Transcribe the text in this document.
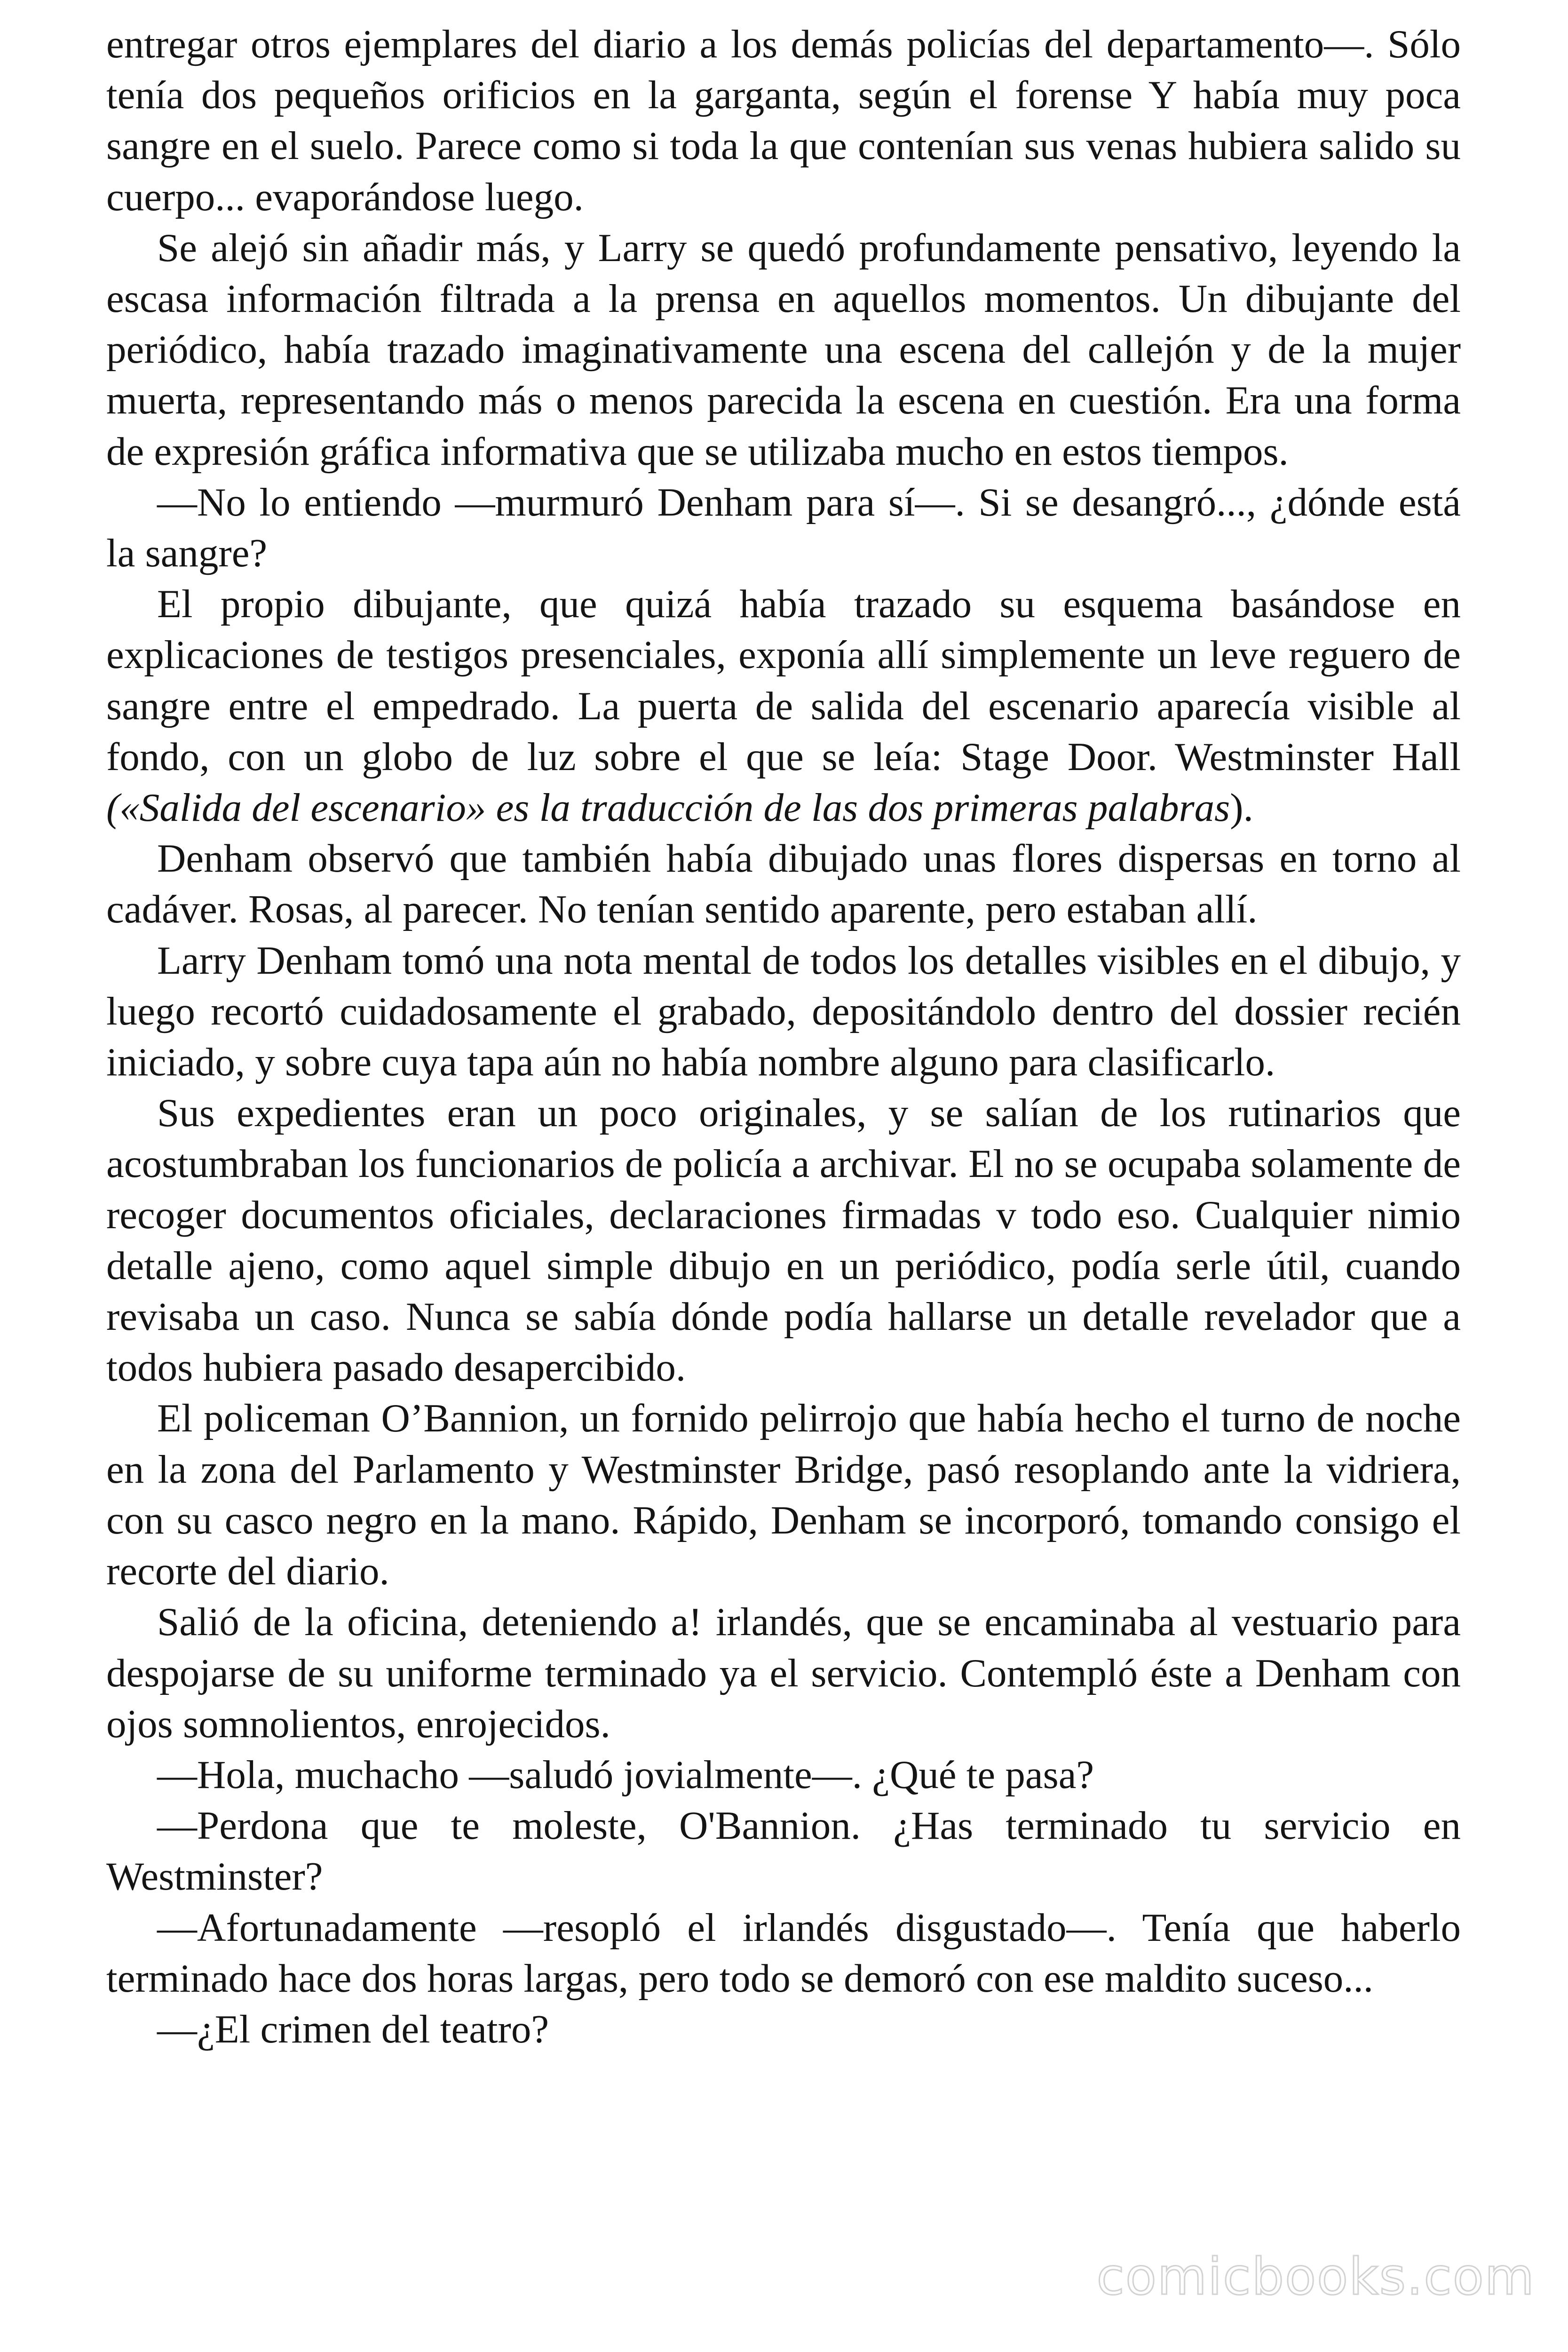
entregar otros ejemplares del diario a los demás policías del departamento—. Sólo tenía dos pequeños orificios en la garganta, según el forense Y había muy poca sangre en el suelo. Parece como si toda la que contenían sus venas hubiera salido su cuerpo... evaporándose luego.

Se alejó sin añadir más, y Larry se quedó profundamente pensativo, leyendo la escasa información filtrada a la prensa en aquellos momentos. Un dibujante del periódico, había trazado imaginativamente una escena del callejón y de la mujer muerta, representando más o menos parecida la escena en cuestión. Era una forma de expresión gráfica informativa que se utilizaba mucho en estos tiempos.

—No lo entiendo —murmuró Denham para sí—. Si se desangró..., ¿dónde está la sangre?

El propio dibujante, que quizá había trazado su esquema basándose en explicaciones de testigos presenciales, exponía allí simplemente un leve reguero de sangre entre el empedrado. La puerta de salida del escenario aparecía visible al fondo, con un globo de luz sobre el que se leía: Stage Door. Westminster Hall («Salida del escenario» es la traducción de las dos primeras palabras).

Denham observó que también había dibujado unas flores dispersas en torno al cadáver. Rosas, al parecer. No tenían sentido aparente, pero estaban allí.

Larry Denham tomó una nota mental de todos los detalles visibles en el dibujo, y luego recortó cuidadosamente el grabado, depositándolo dentro del dossier recién iniciado, y sobre cuya tapa aún no había nombre alguno para clasificarlo.

Sus expedientes eran un poco originales, y se salían de los rutinarios que acostumbraban los funcionarios de policía a archivar. El no se ocupaba solamente de recoger documentos oficiales, declaraciones firmadas v todo eso. Cualquier nimio detalle ajeno, como aquel simple dibujo en un periódico, podía serle útil, cuando revisaba un caso. Nunca se sabía dónde podía hallarse un detalle revelador que a todos hubiera pasado desapercibido.

El policeman O’Bannion, un fornido pelirrojo que había hecho el turno de noche en la zona del Parlamento y Westminster Bridge, pasó resoplando ante la vidriera, con su casco negro en la mano. Rápido, Denham se incorporó, tomando consigo el recorte del diario.

Salió de la oficina, deteniendo a! irlandés, que se encaminaba al vestuario para despojarse de su uniforme terminado ya el servicio. Contempló éste a Denham con ojos somnolientos, enrojecidos.

—Hola, muchacho —saludó jovialmente—. ¿Qué te pasa?

—Perdona que te moleste, O'Bannion. ¿Has terminado tu servicio en Westminster?

—Afortunadamente —resopló el irlandés disgustado—. Tenía que haberlo terminado hace dos horas largas, pero todo se demoró con ese maldito suceso...

—¿El crimen del teatro?

comicbooks.com
